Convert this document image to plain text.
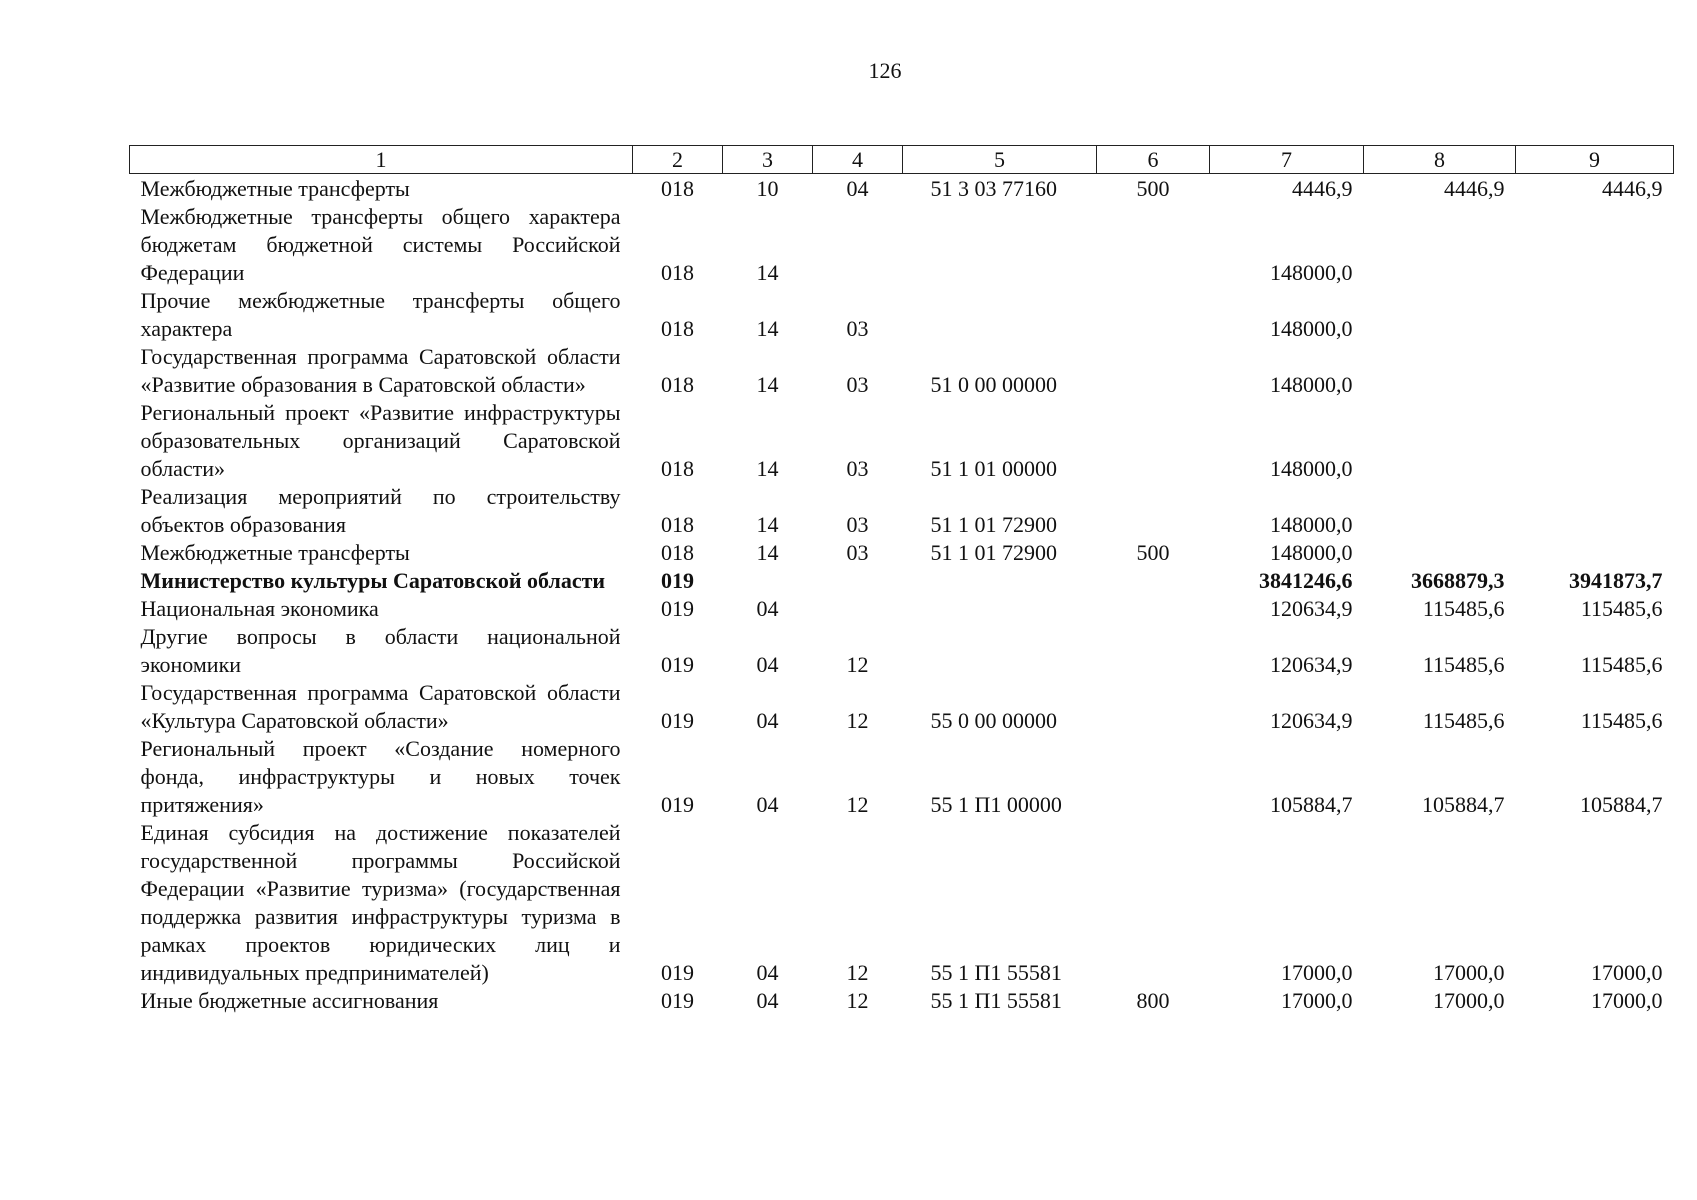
126
1	2	3	4	5	6	7	8	9
Межбюджетные трансферты	018	10	04	51 3 03 77160	500	4446,9	4446,9	4446,9
Межбюджетные трансферты общего характера бюджетам бюджетной системы Российской Федерации	018	14				148000,0		
Прочие межбюджетные трансферты общего характера	018	14	03			148000,0		
Государственная программа Саратовской области «Развитие образования в Саратовской области»	018	14	03	51 0 00 00000		148000,0		
Региональный проект «Развитие инфраструктуры образовательных организаций Саратовской области»	018	14	03	51 1 01 00000		148000,0		
Реализация мероприятий по строительству объектов образования	018	14	03	51 1 01 72900		148000,0		
Межбюджетные трансферты	018	14	03	51 1 01 72900	500	148000,0		
Министерство культуры Саратовской области	019					3841246,6	3668879,3	3941873,7
Национальная экономика	019	04				120634,9	115485,6	115485,6
Другие вопросы в области национальной экономики	019	04	12			120634,9	115485,6	115485,6
Государственная программа Саратовской области «Культура Саратовской области»	019	04	12	55 0 00 00000		120634,9	115485,6	115485,6
Региональный проект «Создание номерного фонда, инфраструктуры и новых точек притяжения»	019	04	12	55 1 П1 00000		105884,7	105884,7	105884,7
Единая субсидия на достижение показателей государственной программы Российской Федерации «Развитие туризма» (государственная поддержка развития инфраструктуры туризма в рамках проектов юридических лиц и индивидуальных предпринимателей)	019	04	12	55 1 П1 55581		17000,0	17000,0	17000,0
Иные бюджетные ассигнования	019	04	12	55 1 П1 55581	800	17000,0	17000,0	17000,0
